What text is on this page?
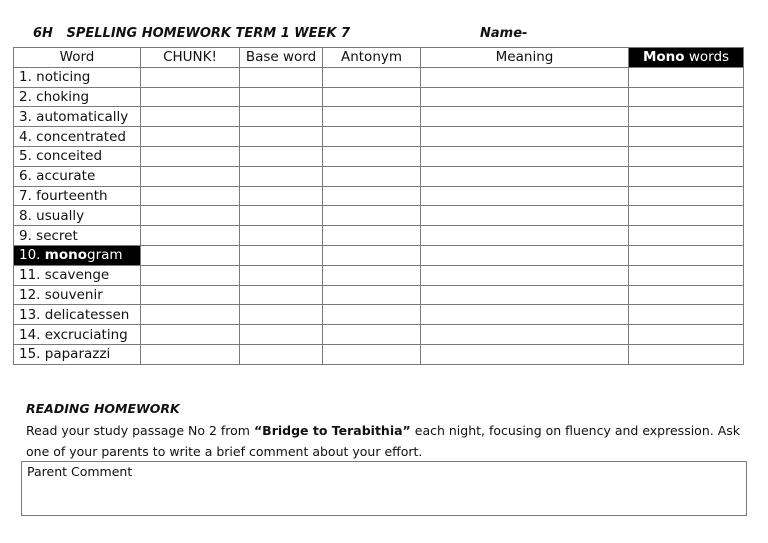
6H   SPELLING HOMEWORK TERM 1 WEEK 7	Name-
Word	CHUNK!	Base word	Antonym	Meaning	Mono words
1. noticing					
2. choking					
3. automatically					
4. concentrated					
5. conceited					
6. accurate					
7. fourteenth					
8. usually					
9. secret					
10. monogram					
11. scavenge					
12. souvenir					
13. delicatessen					
14. excruciating					
15. paparazzi					
READING HOMEWORK
Read your study passage No 2 from “Bridge to Terabithia” each night, focusing on fluency and expression. Ask one of your parents to write a brief comment about your effort.
Parent Comment
